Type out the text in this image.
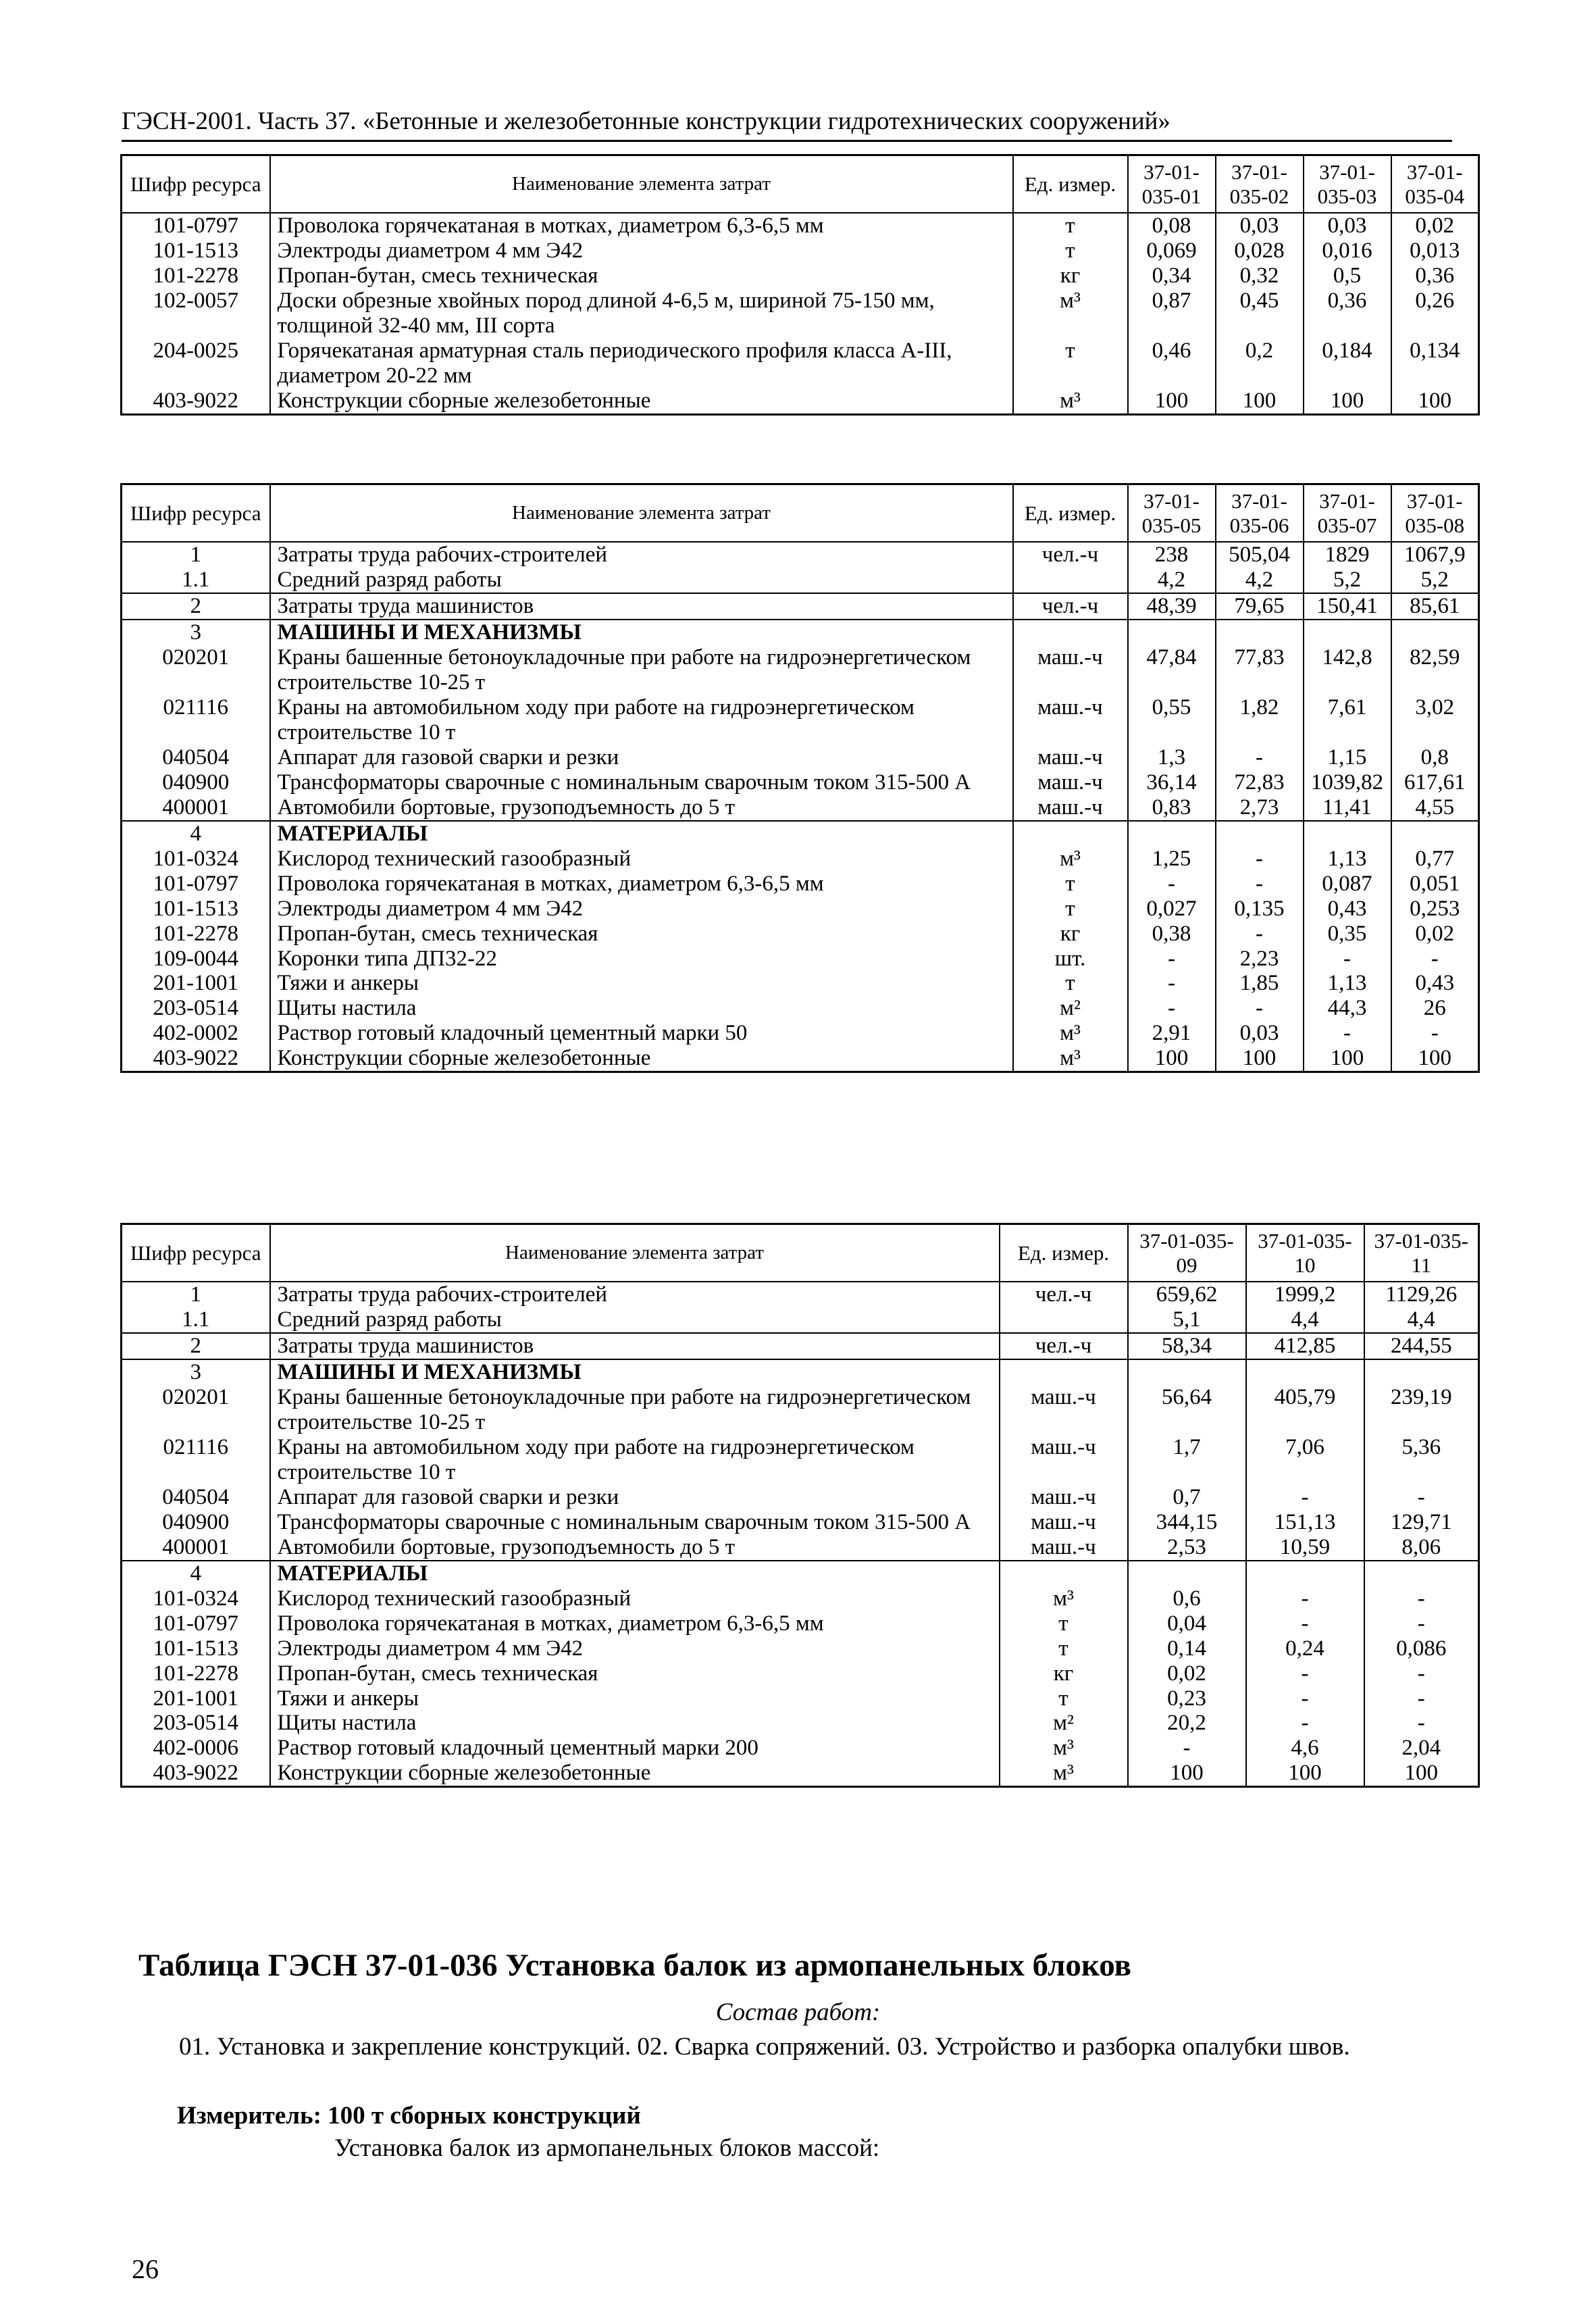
ГЭСН-2001. Часть 37. «Бетонные и железобетонные конструкции гидротехнических сооружений»
Шифр ресурса	Наименование элемента затрат	Ед. измер.	37-01-035-01	37-01-035-02	37-01-035-03	37-01-035-04
101-0797	Проволока горячекатаная в мотках, диаметром 6,3-6,5 мм	т	0,08	0,03	0,03	0,02
101-1513	Электроды диаметром 4 мм Э42	т	0,069	0,028	0,016	0,013
101-2278	Пропан-бутан, смесь техническая	кг	0,34	0,32	0,5	0,36
102-0057	Доски обрезные хвойных пород длиной 4-6,5 м, шириной 75-150 мм, толщиной 32-40 мм, III сорта	м³	0,87	0,45	0,36	0,26
204-0025	Горячекатаная арматурная сталь периодического профиля класса А-III, диаметром 20-22 мм	т	0,46	0,2	0,184	0,134
403-9022	Конструкции сборные железобетонные	м³	100	100	100	100
Шифр ресурса	Наименование элемента затрат	Ед. измер.	37-01-035-05	37-01-035-06	37-01-035-07	37-01-035-08
1	Затраты труда рабочих-строителей	чел.-ч	238	505,04	1829	1067,9
1.1	Средний разряд работы		4,2	4,2	5,2	5,2
2	Затраты труда машинистов	чел.-ч	48,39	79,65	150,41	85,61
3	МАШИНЫ И МЕХАНИЗМЫ					
020201	Краны башенные бетоноукладочные при работе на гидроэнергетическом строительстве 10-25 т	маш.-ч	47,84	77,83	142,8	82,59
021116	Краны на автомобильном ходу при работе на гидроэнергетическом строительстве 10 т	маш.-ч	0,55	1,82	7,61	3,02
040504	Аппарат для газовой сварки и резки	маш.-ч	1,3	-	1,15	0,8
040900	Трансформаторы сварочные с номинальным сварочным током 315-500 А	маш.-ч	36,14	72,83	1039,82	617,61
400001	Автомобили бортовые, грузоподъемность до 5 т	маш.-ч	0,83	2,73	11,41	4,55
4	МАТЕРИАЛЫ					
101-0324	Кислород технический газообразный	м³	1,25	-	1,13	0,77
101-0797	Проволока горячекатаная в мотках, диаметром 6,3-6,5 мм	т	-	-	0,087	0,051
101-1513	Электроды диаметром 4 мм Э42	т	0,027	0,135	0,43	0,253
101-2278	Пропан-бутан, смесь техническая	кг	0,38	-	0,35	0,02
109-0044	Коронки типа ДП32-22	шт.	-	2,23	-	-
201-1001	Тяжи и анкеры	т	-	1,85	1,13	0,43
203-0514	Щиты настила	м²	-	-	44,3	26
402-0002	Раствор готовый кладочный цементный марки 50	м³	2,91	0,03	-	-
403-9022	Конструкции сборные железобетонные	м³	100	100	100	100
Шифр ресурса	Наименование элемента затрат	Ед. измер.	37-01-035-09	37-01-035-10	37-01-035-11
1	Затраты труда рабочих-строителей	чел.-ч	659,62	1999,2	1129,26
1.1	Средний разряд работы		5,1	4,4	4,4
2	Затраты труда машинистов	чел.-ч	58,34	412,85	244,55
3	МАШИНЫ И МЕХАНИЗМЫ				
020201	Краны башенные бетоноукладочные при работе на гидроэнергетическом строительстве 10-25 т	маш.-ч	56,64	405,79	239,19
021116	Краны на автомобильном ходу при работе на гидроэнергетическом строительстве 10 т	маш.-ч	1,7	7,06	5,36
040504	Аппарат для газовой сварки и резки	маш.-ч	0,7	-	-
040900	Трансформаторы сварочные с номинальным сварочным током 315-500 А	маш.-ч	344,15	151,13	129,71
400001	Автомобили бортовые, грузоподъемность до 5 т	маш.-ч	2,53	10,59	8,06
4	МАТЕРИАЛЫ				
101-0324	Кислород технический газообразный	м³	0,6	-	-
101-0797	Проволока горячекатаная в мотках, диаметром 6,3-6,5 мм	т	0,04	-	-
101-1513	Электроды диаметром 4 мм Э42	т	0,14	0,24	0,086
101-2278	Пропан-бутан, смесь техническая	кг	0,02	-	-
201-1001	Тяжи и анкеры	т	0,23	-	-
203-0514	Щиты настила	м²	20,2	-	-
402-0006	Раствор готовый кладочный цементный марки 200	м³	-	4,6	2,04
403-9022	Конструкции сборные железобетонные	м³	100	100	100
Таблица ГЭСН 37-01-036 Установка балок из армопанельных блоков
Состав работ:
01. Установка и закрепление конструкций. 02. Сварка сопряжений. 03. Устройство и разборка опалубки швов.
Измеритель: 100 т сборных конструкций
Установка балок из армопанельных блоков массой:
26
